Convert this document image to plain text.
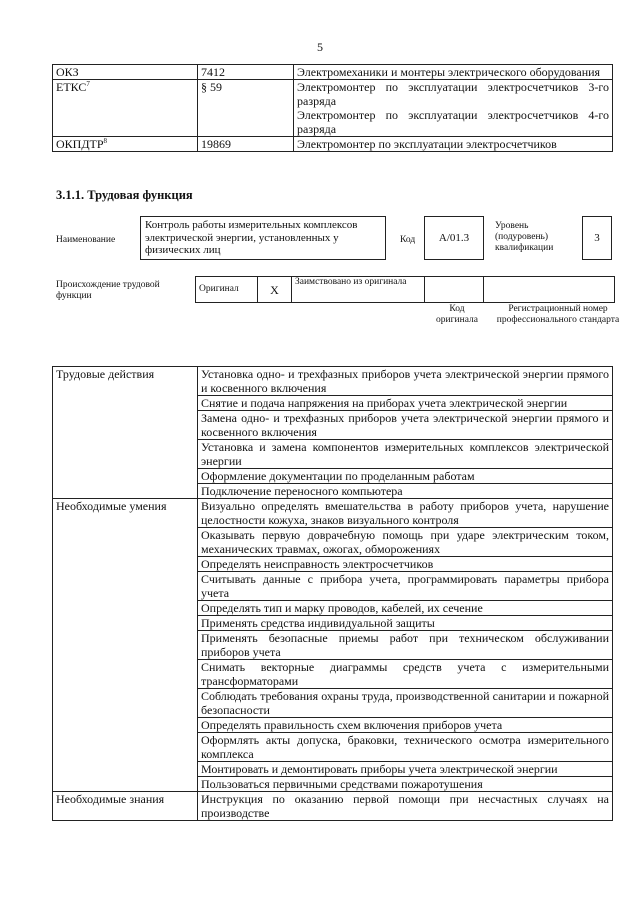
5
ОКЗ	7412	Электромеханики и монтеры электрического оборудования

ЕТКС$^7$	§ 59	Электромонтер по эксплуатации электросчетчиков 3-го разряда
Электромонтер по эксплуатации электросчетчиков 4-го разряда

ОКПДТР$^8$	19869	Электромонтер по эксплуатации электросчетчиков
3.1.1. Трудовая функция
Наименование
Контроль работы измерительных комплексов электрической энергии, установленных у физических лиц
Код	А/01.3
Уровень (подуровень) квалификации
3
Происхождение трудовой функции
Оригинал	X	Заимствовано из оригинала		
Код оригинала
Регистрационный номер профессионального стандарта
Трудовые действия	Установка одно- и трехфазных приборов учета электрической энергии прямого и косвенного включения
	Снятие и подача напряжения на приборах учета электрической энергии
	Замена одно- и трехфазных приборов учета электрической энергии прямого и косвенного включения
	Установка и замена компонентов измерительных комплексов электрической энергии
	Оформление документации по проделанным работам
	Подключение переносного компьютера
Необходимые умения	Визуально определять вмешательства в работу приборов учета, нарушение целостности кожуха, знаков визуального контроля
	Оказывать первую доврачебную помощь при ударе электрическим током, механических травмах, ожогах, обморожениях
	Определять неисправность электросчетчиков
	Считывать данные с прибора учета, программировать параметры прибора учета
	Определять тип и марку проводов, кабелей, их сечение
	Применять средства индивидуальной защиты
	Применять безопасные приемы работ при техническом обслуживании приборов учета
	Снимать векторные диаграммы средств учета с измерительными трансформаторами
	Соблюдать требования охраны труда, производственной санитарии и пожарной безопасности
	Определять правильность схем включения приборов учета
	Оформлять акты допуска, браковки, технического осмотра измерительного комплекса
	Монтировать и демонтировать приборы учета электрической энергии
	Пользоваться первичными средствами пожаротушения
Необходимые знания	Инструкция по оказанию первой помощи при несчастных случаях на производстве
